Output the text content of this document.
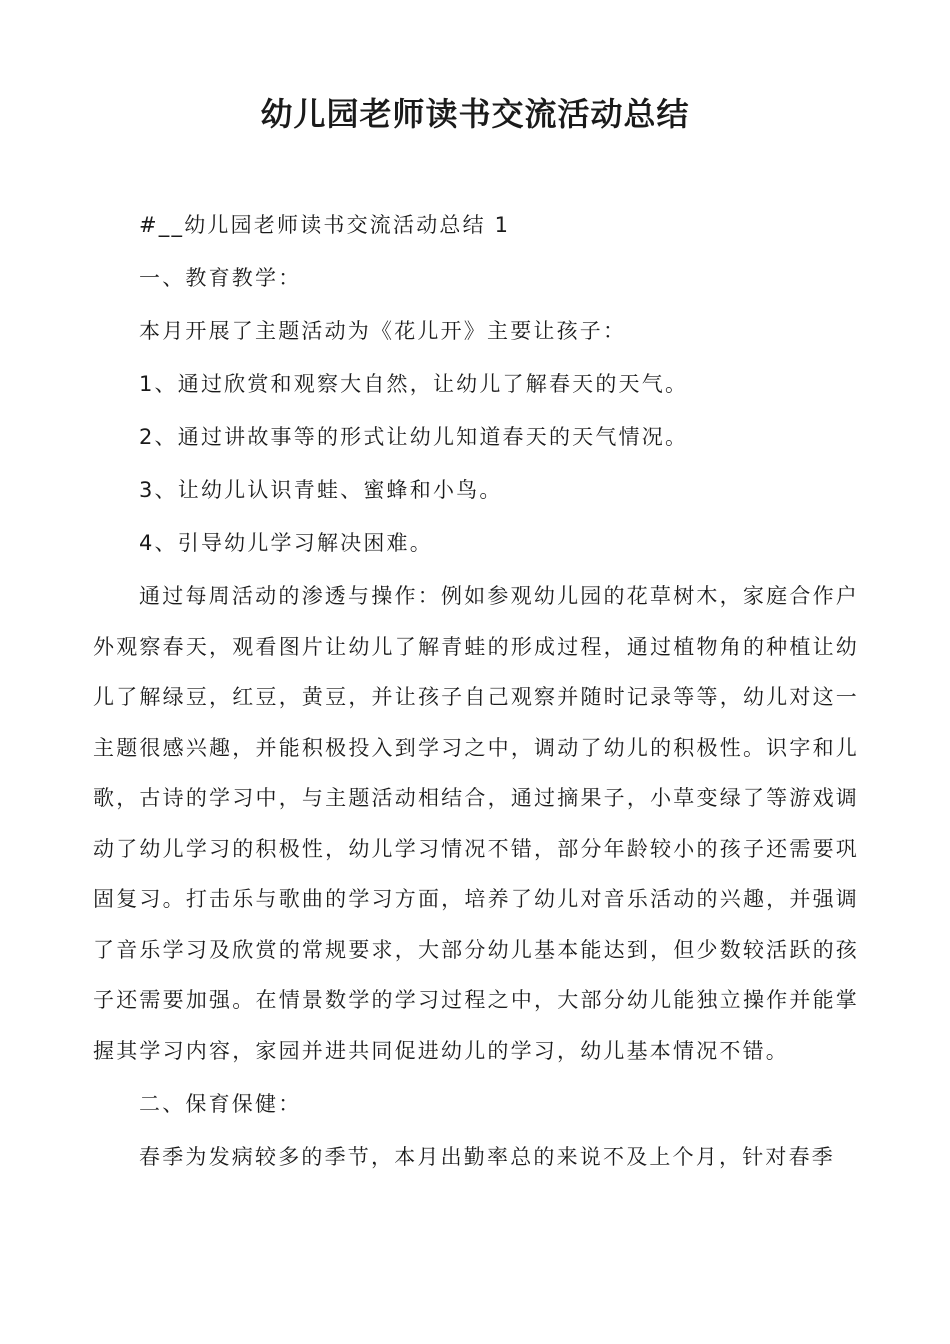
幼儿园老师读书交流活动总结

#__幼儿园老师读书交流活动总结 1

一、教育教学：

本月开展了主题活动为《花儿开》主要让孩子：

1、通过欣赏和观察大自然，让幼儿了解春天的天气。

2、通过讲故事等的形式让幼儿知道春天的天气情况。

3、让幼儿认识青蛙、蜜蜂和小鸟。

4、引导幼儿学习解决困难。

通过每周活动的渗透与操作：例如参观幼儿园的花草树木，家庭合作户外观察春天，观看图片让幼儿了解青蛙的形成过程，通过植物角的种植让幼儿了解绿豆，红豆，黄豆，并让孩子自己观察并随时记录等等，幼儿对这一主题很感兴趣，并能积极投入到学习之中，调动了幼儿的积极性。识字和儿歌，古诗的学习中，与主题活动相结合，通过摘果子，小草变绿了等游戏调动了幼儿学习的积极性，幼儿学习情况不错，部分年龄较小的孩子还需要巩固复习。打击乐与歌曲的学习方面，培养了幼儿对音乐活动的兴趣，并强调了音乐学习及欣赏的常规要求，大部分幼儿基本能达到，但少数较活跃的孩子还需要加强。在情景数学的学习过程之中，大部分幼儿能独立操作并能掌握其学习内容，家园并进共同促进幼儿的学习，幼儿基本情况不错。

二、保育保健：

春季为发病较多的季节，本月出勤率总的来说不及上个月，针对春季
